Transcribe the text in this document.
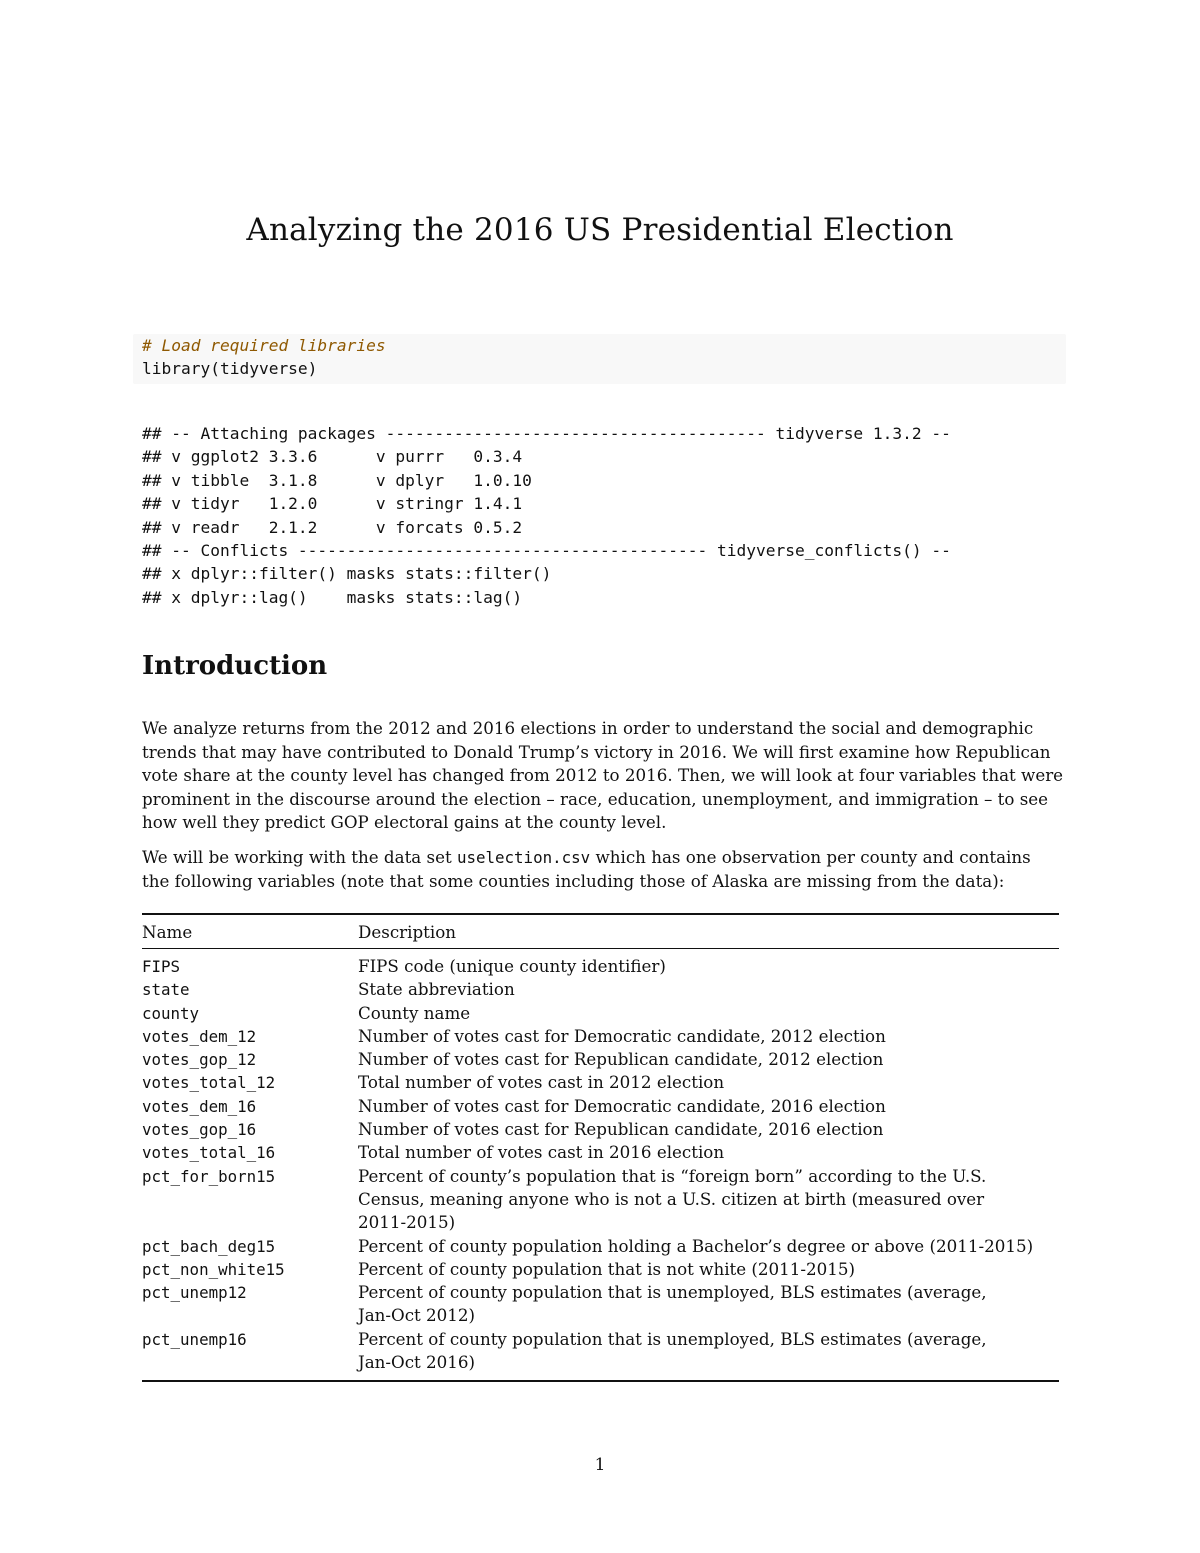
Analyzing the 2016 US Presidential Election
# Load required libraries
library(tidyverse)
## -- Attaching packages --------------------------------------- tidyverse 1.3.2 --
## v ggplot2 3.3.6      v purrr   0.3.4
## v tibble  3.1.8      v dplyr   1.0.10
## v tidyr   1.2.0      v stringr 1.4.1
## v readr   2.1.2      v forcats 0.5.2
## -- Conflicts ------------------------------------------ tidyverse_conflicts() --
## x dplyr::filter() masks stats::filter()
## x dplyr::lag()    masks stats::lag()
Introduction
We analyze returns from the 2012 and 2016 elections in order to understand the social and demographic
trends that may have contributed to Donald Trump’s victory in 2016. We will first examine how Republican
vote share at the county level has changed from 2012 to 2016. Then, we will look at four variables that were
prominent in the discourse around the election – race, education, unemployment, and immigration – to see
how well they predict GOP electoral gains at the county level.
We will be working with the data set uselection.csv which has one observation per county and contains
the following variables (note that some counties including those of Alaska are missing from the data):
Name	Description
FIPS	FIPS code (unique county identifier)
state	State abbreviation
county	County name
votes_dem_12	Number of votes cast for Democratic candidate, 2012 election
votes_gop_12	Number of votes cast for Republican candidate, 2012 election
votes_total_12	Total number of votes cast in 2012 election
votes_dem_16	Number of votes cast for Democratic candidate, 2016 election
votes_gop_16	Number of votes cast for Republican candidate, 2016 election
votes_total_16	Total number of votes cast in 2016 election
pct_for_born15	Percent of county’s population that is “foreign born” according to the U.S.
Census, meaning anyone who is not a U.S. citizen at birth (measured over
2011-2015)
pct_bach_deg15	Percent of county population holding a Bachelor’s degree or above (2011-2015)
pct_non_white15	Percent of county population that is not white (2011-2015)
pct_unemp12	Percent of county population that is unemployed, BLS estimates (average,
Jan-Oct 2012)
pct_unemp16	Percent of county population that is unemployed, BLS estimates (average,
Jan-Oct 2016)
1
